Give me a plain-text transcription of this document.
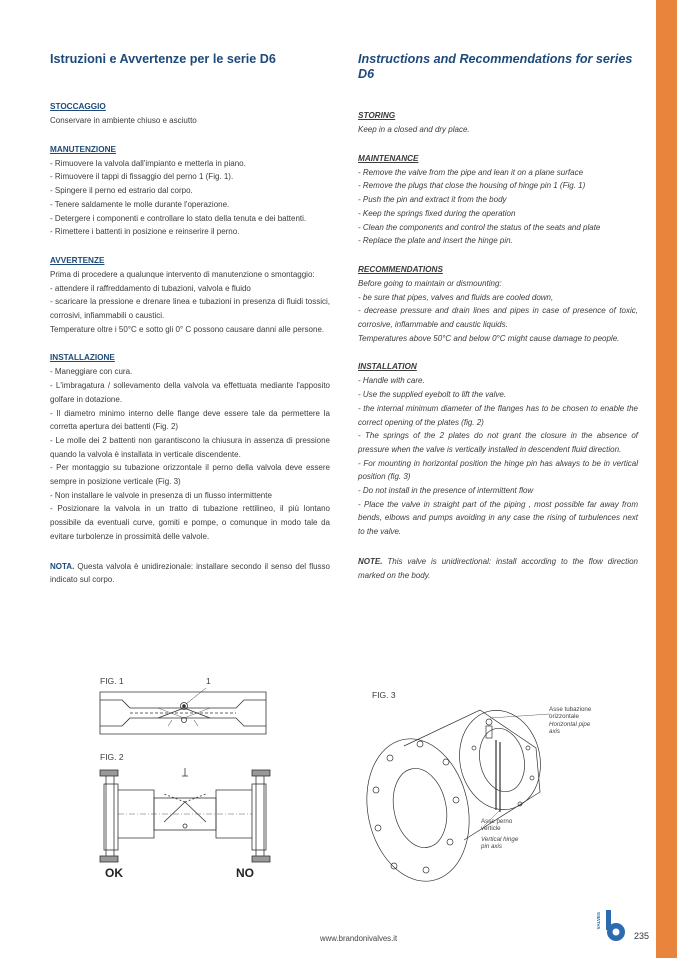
Istruzioni e Avvertenze per le serie D6
STOCCAGGIO
Conservare in ambiente chiuso e asciutto
MANUTENZIONE
- Rimuovere la valvola dall'impianto e metterla in piano.
- Rimuovere il tappi di fissaggio del perno 1 (Fig. 1).
- Spingere il perno ed estrario dal corpo.
- Tenere saldamente le molle durante l'operazione.
- Detergere i componenti e controllare lo stato della tenuta e dei battenti.
- Rimettere i battenti in posizione e reinserire il perno.
AVVERTENZE
Prima di procedere a qualunque intervento di manutenzione o smontaggio:
- attendere il raffreddamento di tubazioni, valvola e fluido
- scaricare la pressione e drenare linea e tubazioni in presenza di fluidi tossici, corrosivi, infiammabili o caustici.
Temperature oltre i 50°C e sotto gli 0° C possono causare danni alle persone.
INSTALLAZIONE
- Maneggiare con cura.
- L'imbragatura / sollevamento della valvola va effettuata mediante l'apposito golfare in dotazione.
- Il diametro minimo interno delle flange deve essere tale da permettere la corretta apertura dei battenti (Fig. 2)
- Le molle dei 2 battenti non garantiscono la chiusura in assenza di pressione quando la valvola è installata in verticale discendente.
- Per montaggio su tubazione orizzontale il perno della valvola deve essere sempre in posizione verticale (Fig. 3)
- Non installare le valvole in presenza di un flusso intermittente
- Posizionare la valvola in un tratto di tubazione rettilineo, il più lontano possibile da eventuali curve, gomiti e pompe, o comunque in modo tale da evitare turbolenze in prossimità delle valvole.
NOTA. Questa valvola è unidirezionale: installare secondo il senso del flusso indicato sul corpo.
Instructions and Recommendations for series D6
STORING
Keep in a closed and dry place.
MAINTENANCE
- Remove the valve from the pipe and lean it on a plane surface
- Remove the plugs that close the housing of hinge pin 1 (Fig. 1)
- Push the pin and extract it from the body
- Keep the springs fixed during the operation
- Clean the components and control the status of the seats and plate
- Replace the plate and insert the hinge pin.
RECOMMENDATIONS
Before going to maintain or dismounting:
- be sure that pipes, valves and fluids are cooled down,
- decrease pressure and drain lines and pipes in case of presence of toxic, corrosive, inflammable and caustic liquids.
Temperatures above 50°C and below 0°C might cause damage to people.
INSTALLATION
- Handle with care.
- Use the supplied eyebolt to lift the valve.
- the internal minimum diameter of the flanges has to be chosen to enable the correct opening of the plates (fig. 2)
- The springs of the 2 plates do not grant the closure in the absence of pressure when the valve is vertically installed in descendent fluid direction.
- For mounting in horizontal position the hinge pin has always to be in vertical position (fig. 3)
- Do not install in the presence of intermittent flow
- Place the valve in straight part of the piping , most possible far away from bends, elbows and pumps avoiding in any case the rising of turbulences next to the valve.
NOTE. This valve is unidirectional: install according to the flow direction marked on the body.
FIG. 1	1
FIG. 2
OK	NO
FIG. 3
Asse tubazione
orizzontale
Horizontal pipe
axis
Asse perno
verticle
Vertical hinge
pin axis
www.brandonivalves.it
VALVES
235
